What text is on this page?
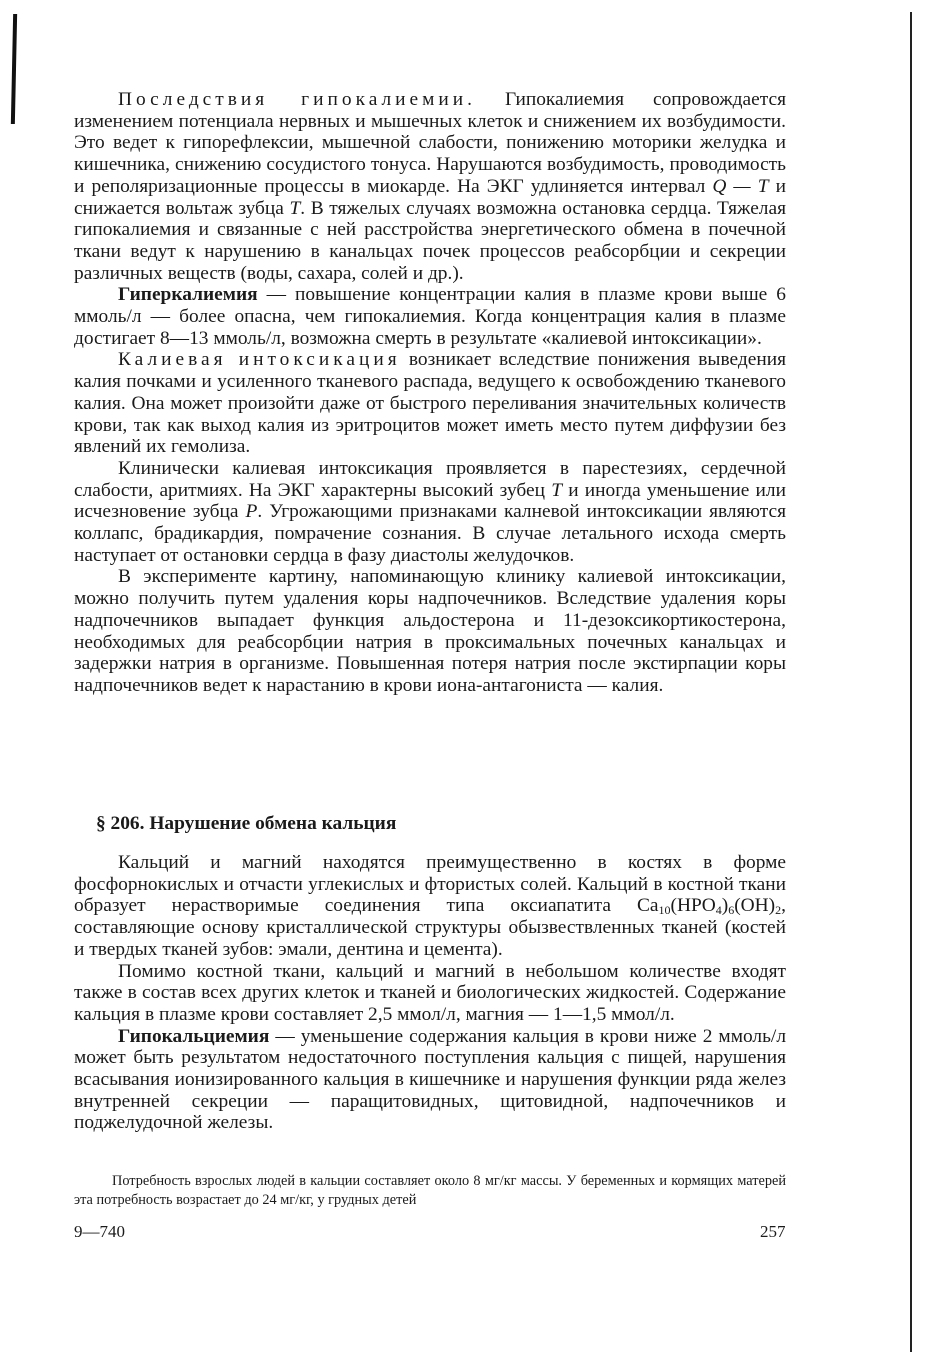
Последствия гипокалиемии. Гипокалиемия сопровождается изменением потенциала нервных и мышечных клеток и снижением их возбудимости. Это ведет к гипорефлексии, мышечной слабости, понижению моторики желудка и кишечника, снижению сосудистого тонуса. Нарушаются возбудимость, проводимость и реполяризационные процессы в миокарде. На ЭКГ удлиняется интервал Q — T и снижается вольтаж зубца T. В тяжелых случаях возможна остановка сердца. Тяжелая гипокалиемия и связанные с ней расстройства энергетического обмена в почечной ткани ведут к нарушению в канальцах почек процессов реабсорбции и секреции различных веществ (воды, сахара, солей и др.).

Гиперкалиемия — повышение концентрации калия в плазме крови выше 6 ммоль/л — более опасна, чем гипокалиемия. Когда концентрация калия в плазме достигает 8—13 ммоль/л, возможна смерть в результате «калиевой интоксикации».

Калиевая интоксикация возникает вследствие понижения выведения калия почками и усиленного тканевого распада, ведущего к освобождению тканевого калия. Она может произойти даже от быстрого переливания значительных количеств крови, так как выход калия из эритроцитов может иметь место путем диффузии без явлений их гемолиза.

Клинически калиевая интоксикация проявляется в парестезиях, сердечной слабости, аритмиях. На ЭКГ характерны высокий зубец T и иногда уменьшение или исчезновение зубца P. Угрожающими признаками калневой интоксикации являются коллапс, брадикардия, помрачение сознания. В случае летального исхода смерть наступает от остановки сердца в фазу диастолы желудочков.

В эксперименте картину, напоминающую клинику калиевой интоксикации, можно получить путем удаления коры надпочечников. Вследствие удаления коры надпочечников выпадает функция альдостерона и 11-дезоксикортикостерона, необходимых для реабсорбции натрия в проксимальных почечных канальцах и задержки натрия в организме. Повышенная потеря натрия после экстирпации коры надпочечников ведет к нарастанию в крови иона-антагониста — калия.

§ 206. Нарушение обмена кальция

Кальций и магний находятся преимущественно в костях в форме фосфорнокислых и отчасти углекислых и фтористых солей. Кальций в костной ткани образует нерастворимые соединения типа оксиапатита $Ca_{10}(HPO_4)_6(OH)_2$, составляющие основу кристаллической структуры обызвествленных тканей (костей и твердых тканей зубов: эмали, дентина и цемента).

Помимо костной ткани, кальций и магний в небольшом количестве входят также в состав всех других клеток и тканей и биологических жидкостей. Содержание кальция в плазме крови составляет 2,5 ммол/л, магния — 1—1,5 ммол/л.

Гипокальциемия — уменьшение содержания кальция в крови ниже 2 ммоль/л может быть результатом недостаточного поступления кальция с пищей, нарушения всасывания ионизированного кальция в кишечнике и нарушения функции ряда желез внутренней секреции — паращитовидных, щитовидной, надпочечников и поджелудочной железы.

Потребность взрослых людей в кальции составляет около 8 мг/кг массы. У беременных и кормящих матерей эта потребность возрастает до 24 мг/кг, у грудных детей

9—740	257
